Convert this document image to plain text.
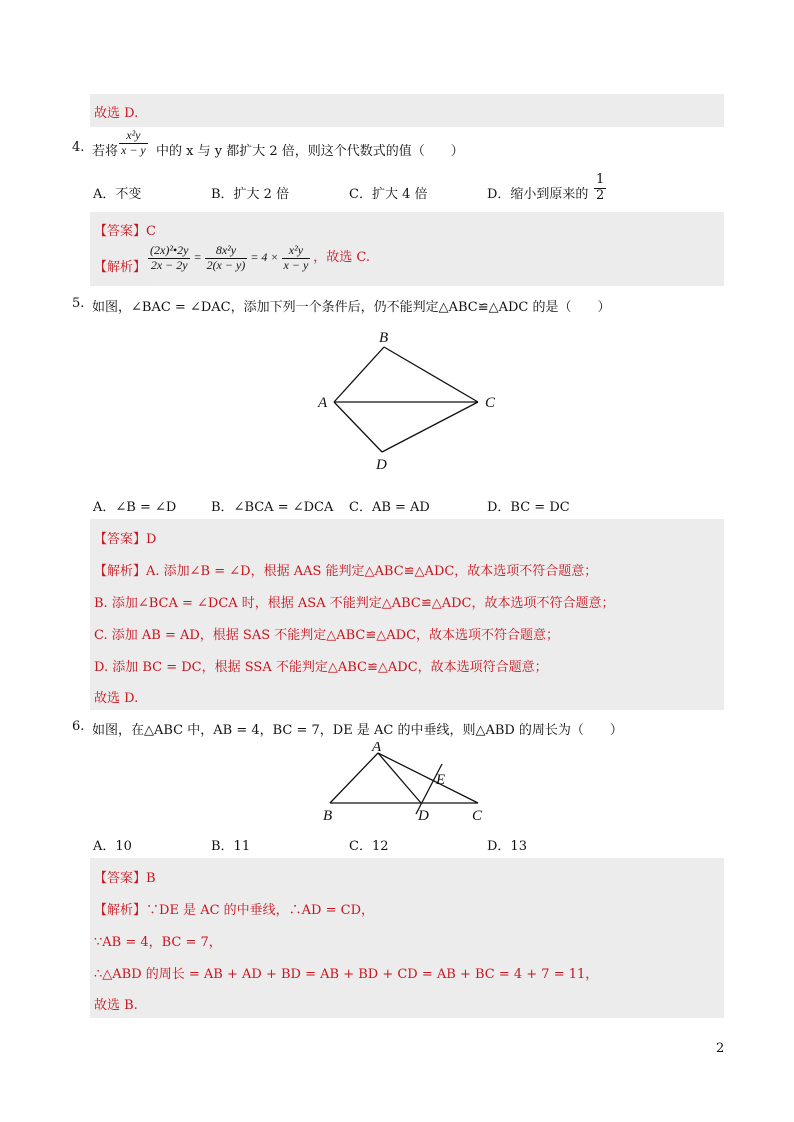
故选 D.
4. 若将 $\frac{\text{x²y}}{x - y}$ 中的 x 与 y 都扩大 2 倍，则这个代数式的值（　　）
A．不变	B．扩大 2 倍	C．扩大 4 倍	D．缩小到原来的 $\frac{1}{2}$
【答案】C
【解析】 $\frac{\text{(2x)²•2y}}{2x - 2y} = \frac{\text{8x²y}}{2(x - y)} = 4 \times \frac{\text{x²y}}{x - y}$ ，故选 C.
5. 如图，∠BAC = ∠DAC，添加下列一个条件后，仍不能判定△ABC≌△ADC 的是（　　）
B
A	C
D
A．∠B = ∠D	B．∠BCA = ∠DCA C．AB = AD	D．BC = DC
【答案】D
【解析】A. 添加∠B = ∠D，根据 AAS 能判定△ABC≌△ADC，故本选项不符合题意；
B. 添加∠BCA = ∠DCA 时，根据 ASA 不能判定△ABC≌△ADC，故本选项不符合题意；
C. 添加 AB = AD，根据 SAS 不能判定△ABC≌△ADC，故本选项不符合题意；
D. 添加 BC = DC，根据 SSA 不能判定△ABC≌△ADC，故本选项符合题意；
故选 D.
6. 如图，在△ABC 中，AB = 4，BC = 7，DE 是 AC 的中垂线，则△ABD 的周长为（　　）
A
E
B	D	C
A．10	B．11	C．12	D．13
【答案】B
【解析】∵DE 是 AC 的中垂线，∴AD = CD，
∵AB = 4，BC = 7，
∴△ABD 的周长 = AB + AD + BD = AB + BD + CD = AB + BC = 4 + 7 = 11，
故选 B.
2
